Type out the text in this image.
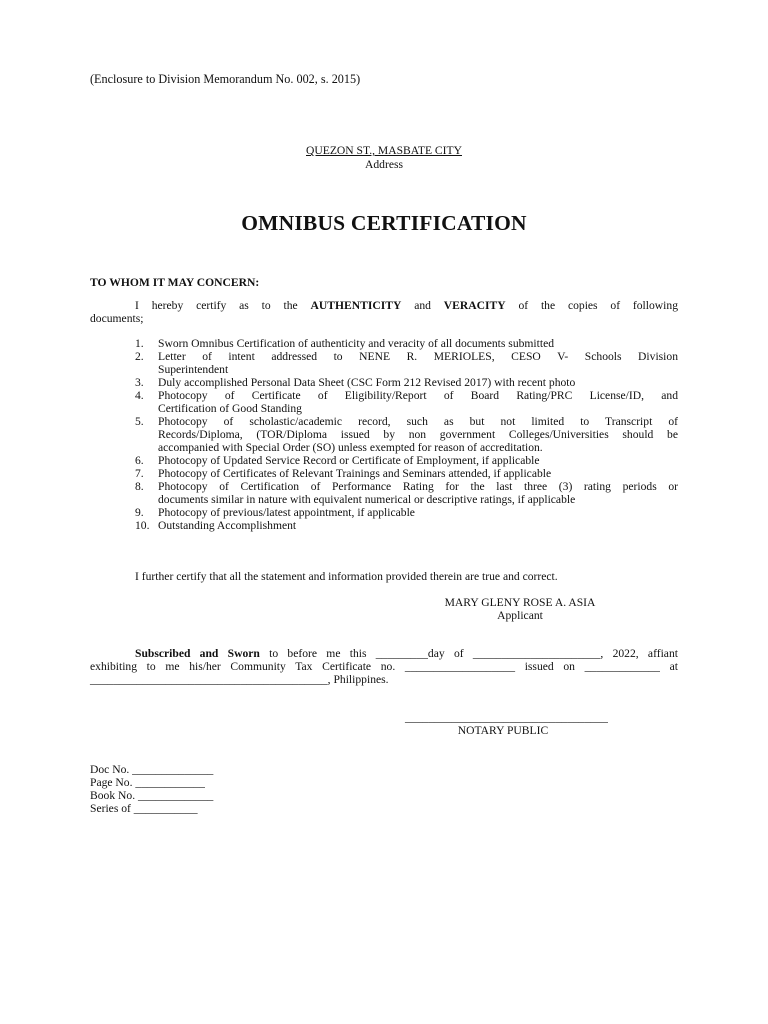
(Enclosure to Division Memorandum No. 002, s. 2015)
QUEZON ST., MASBATE CITY
Address
OMNIBUS CERTIFICATION
TO WHOM IT MAY CONCERN:
I hereby certify as to the AUTHENTICITY and VERACITY of the copies of following
documents;
1. Sworn Omnibus Certification of authenticity and veracity of all documents submitted
2. Letter of intent addressed to NENE R. MERIOLES, CESO V- Schools Division
Superintendent
3. Duly accomplished Personal Data Sheet (CSC Form 212 Revised 2017) with recent photo
4. Photocopy of Certificate of Eligibility/Report of Board Rating/PRC License/ID, and
Certification of Good Standing
5. Photocopy of scholastic/academic record, such as but not limited to Transcript of
Records/Diploma, (TOR/Diploma issued by non government Colleges/Universities should be
accompanied with Special Order (SO) unless exempted for reason of accreditation.
6. Photocopy of Updated Service Record or Certificate of Employment, if applicable
7. Photocopy of Certificates of Relevant Trainings and Seminars attended, if applicable
8. Photocopy of Certification of Performance Rating for the last three (3) rating periods or
documents similar in nature with equivalent numerical or descriptive ratings, if applicable
9. Photocopy of previous/latest appointment, if applicable
10. Outstanding Accomplishment
I further certify that all the statement and information provided therein are true and correct.
MARY GLENY ROSE A. ASIA
Applicant
Subscribed and Sworn to before me this _________day of ______________________, 2022, affiant
exhibiting to me his/her Community Tax Certificate no. ___________________ issued on _____________ at
_________________________________________, Philippines.
___________________________________
NOTARY PUBLIC
Doc No. ______________
Page No. ____________
Book No. _____________
Series of ___________
